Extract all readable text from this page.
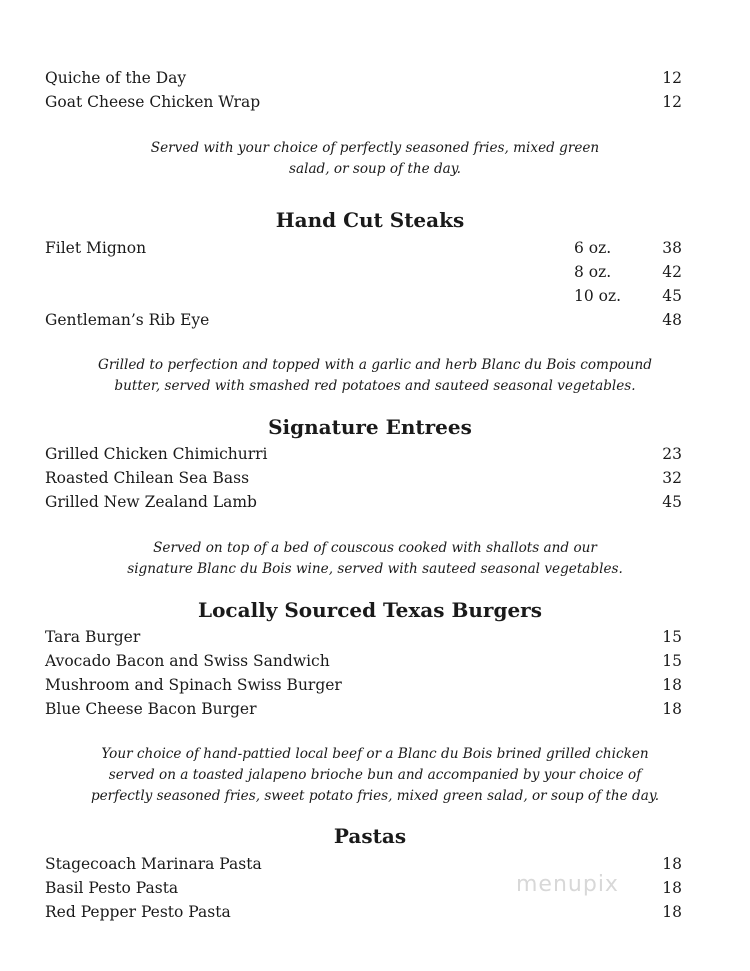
Quiche of the Day	12
Goat Cheese Chicken Wrap	12
Served with your choice of perfectly seasoned fries, mixed green
salad, or soup of the day.
Hand Cut Steaks
Filet Mignon	6 oz.	38
8 oz.	42
10 oz.	45
Gentleman’s Rib Eye	48
Grilled to perfection and topped with a garlic and herb Blanc du Bois compound
butter, served with smashed red potatoes and sauteed seasonal vegetables.
Signature Entrees
Grilled Chicken Chimichurri	23
Roasted Chilean Sea Bass	32
Grilled New Zealand Lamb	45
Served on top of a bed of couscous cooked with shallots and our
signature Blanc du Bois wine, served with sauteed seasonal vegetables.
Locally Sourced Texas Burgers
Tara Burger	15
Avocado Bacon and Swiss Sandwich	15
Mushroom and Spinach Swiss Burger	18
Blue Cheese Bacon Burger	18
Your choice of hand-pattied local beef or a Blanc du Bois brined grilled chicken
served on a toasted jalapeno brioche bun and accompanied by your choice of
perfectly seasoned fries, sweet potato fries, mixed green salad, or soup of the day.
Pastas
Stagecoach Marinara Pasta	18
Basil Pesto Pasta	18
Red Pepper Pesto Pasta	18
menupix
